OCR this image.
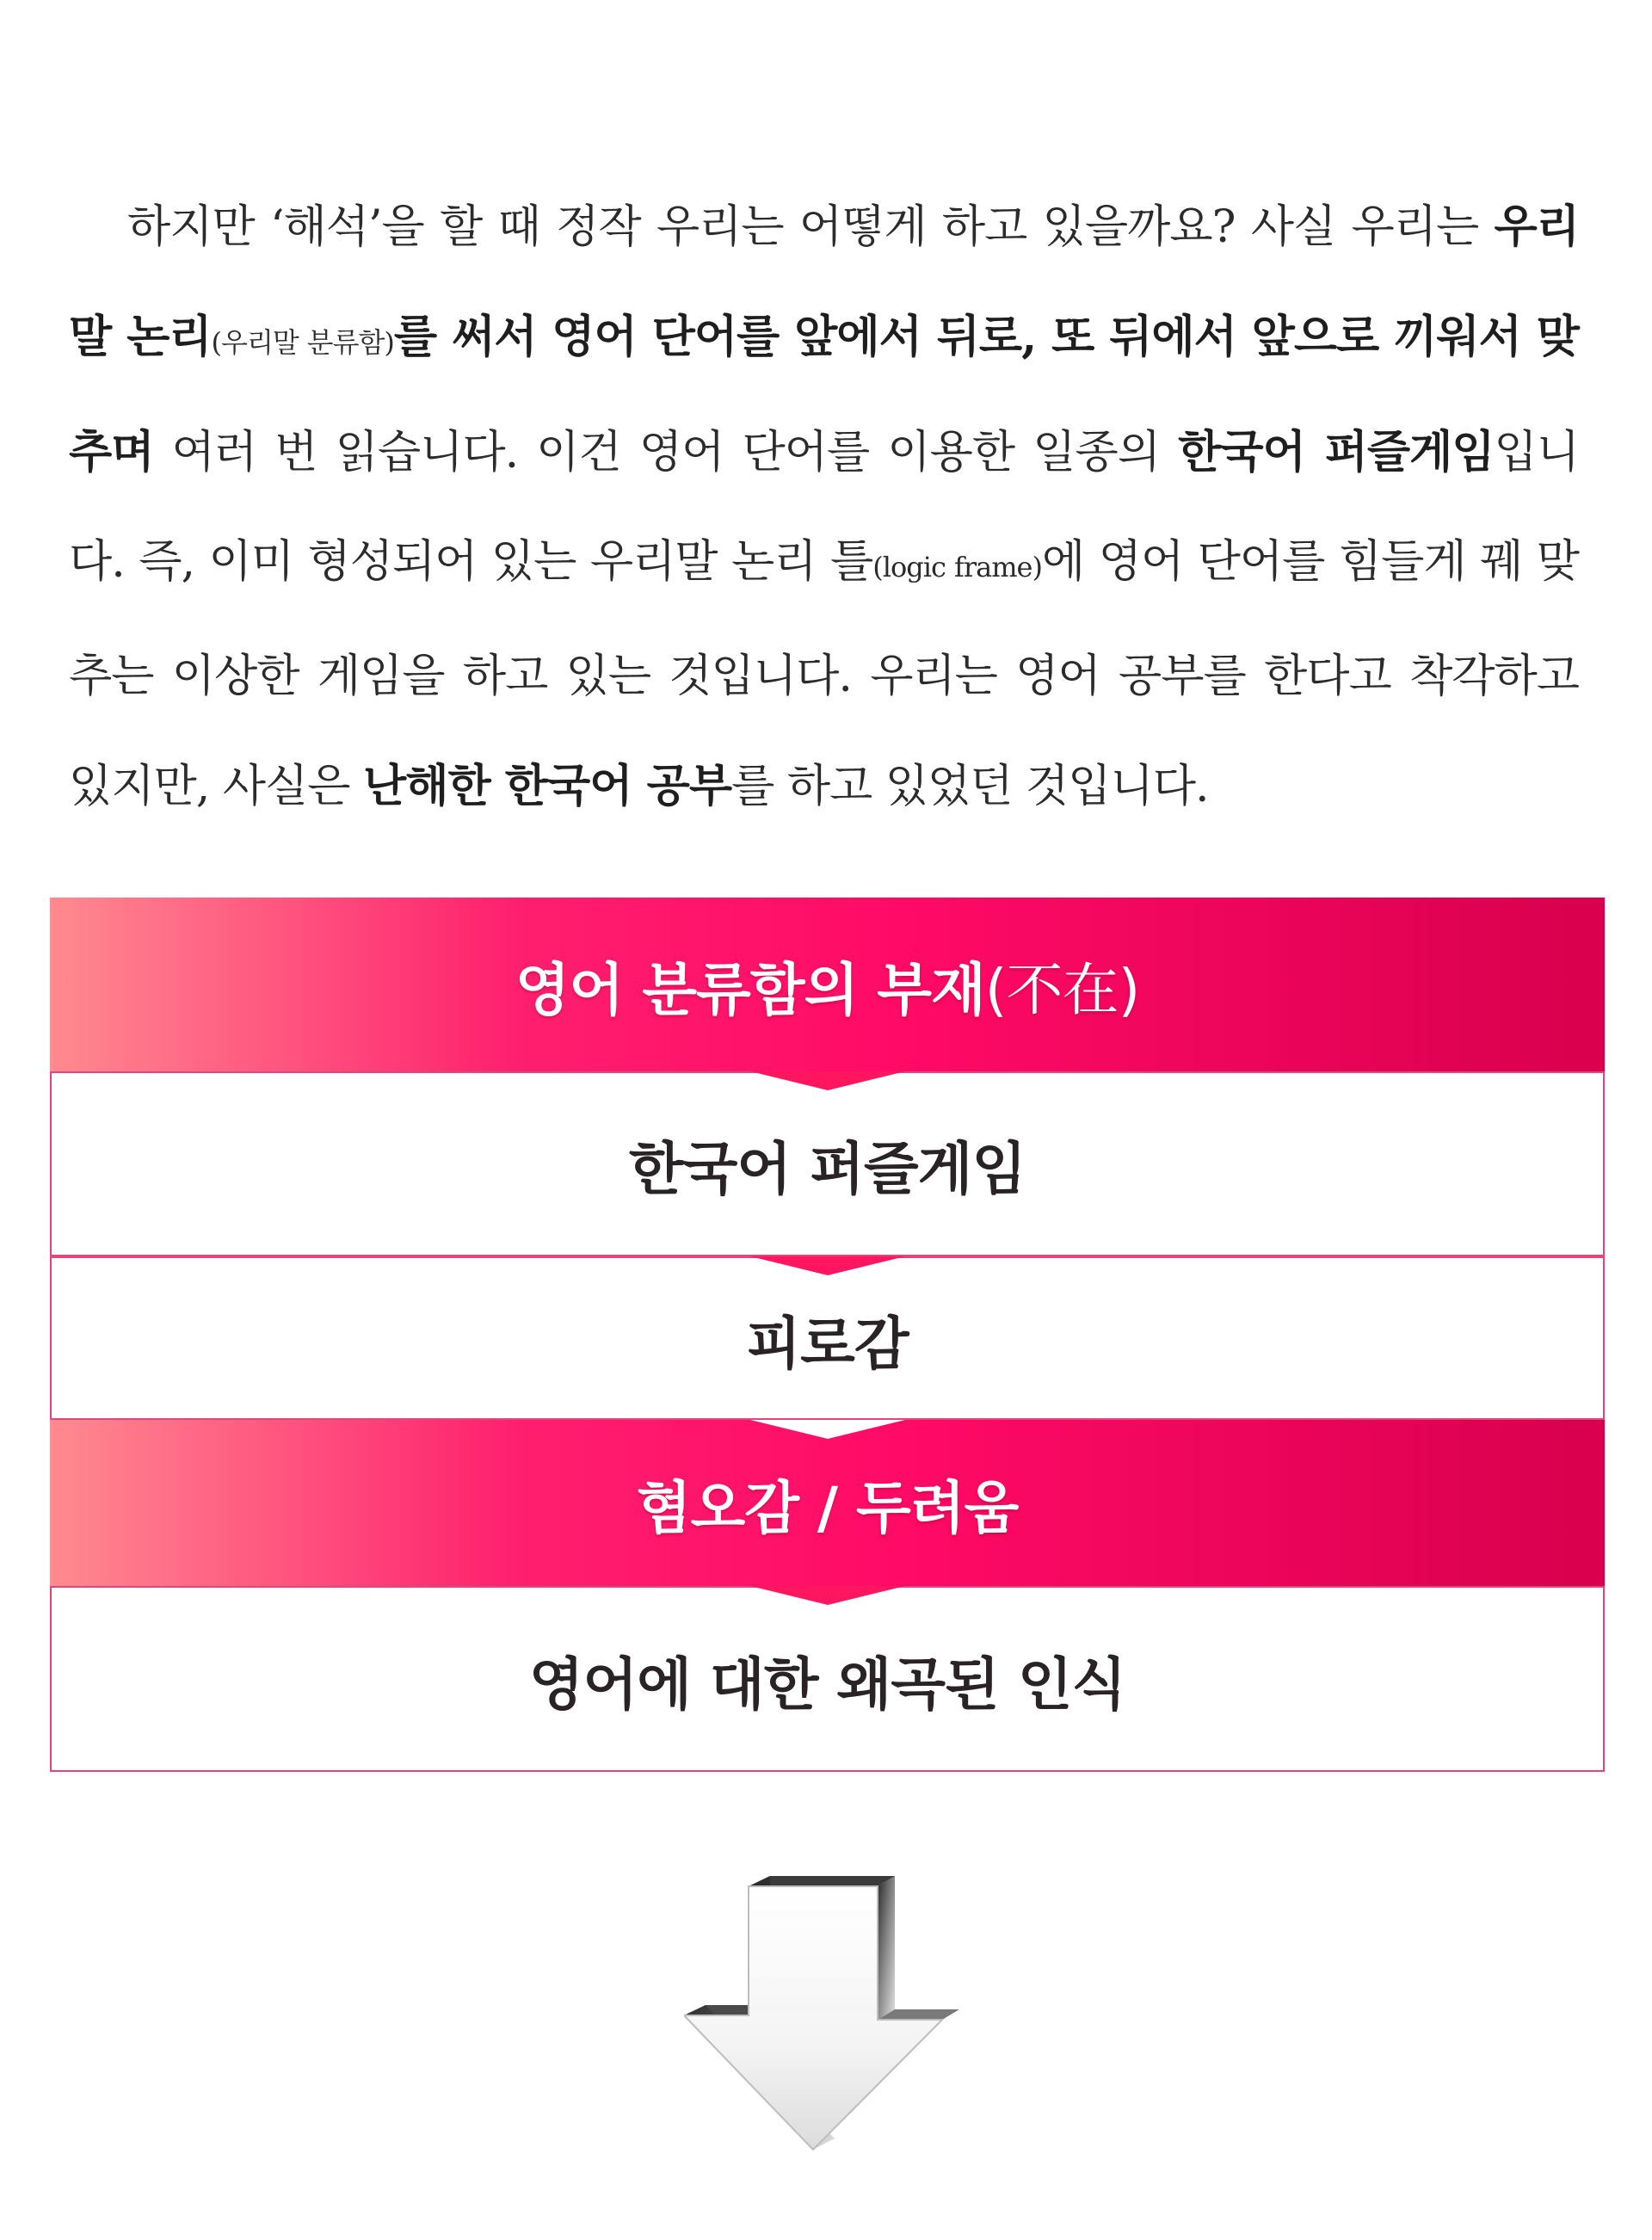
하지만 ‘해석’을 할 때 정작 우리는 어떻게 하고 있을까요? 사실 우리는 우리말 논리(우리말 분류함)를 써서 영어 단어를 앞에서 뒤로, 또 뒤에서 앞으로 끼워서 맞추며 여러 번 읽습니다. 이건 영어 단어를 이용한 일종의 한국어 퍼즐게임입니다. 즉, 이미 형성되어 있는 우리말 논리 틀(logic frame)에 영어 단어를 힘들게 꿰 맞추는 이상한 게임을 하고 있는 것입니다. 우리는 영어 공부를 한다고 착각하고 있지만, 사실은 난해한 한국어 공부를 하고 있었던 것입니다.

영어 분류함의 부재(不在)
한국어 퍼즐게임
피로감
혐오감 / 두려움
영어에 대한 왜곡된 인식
